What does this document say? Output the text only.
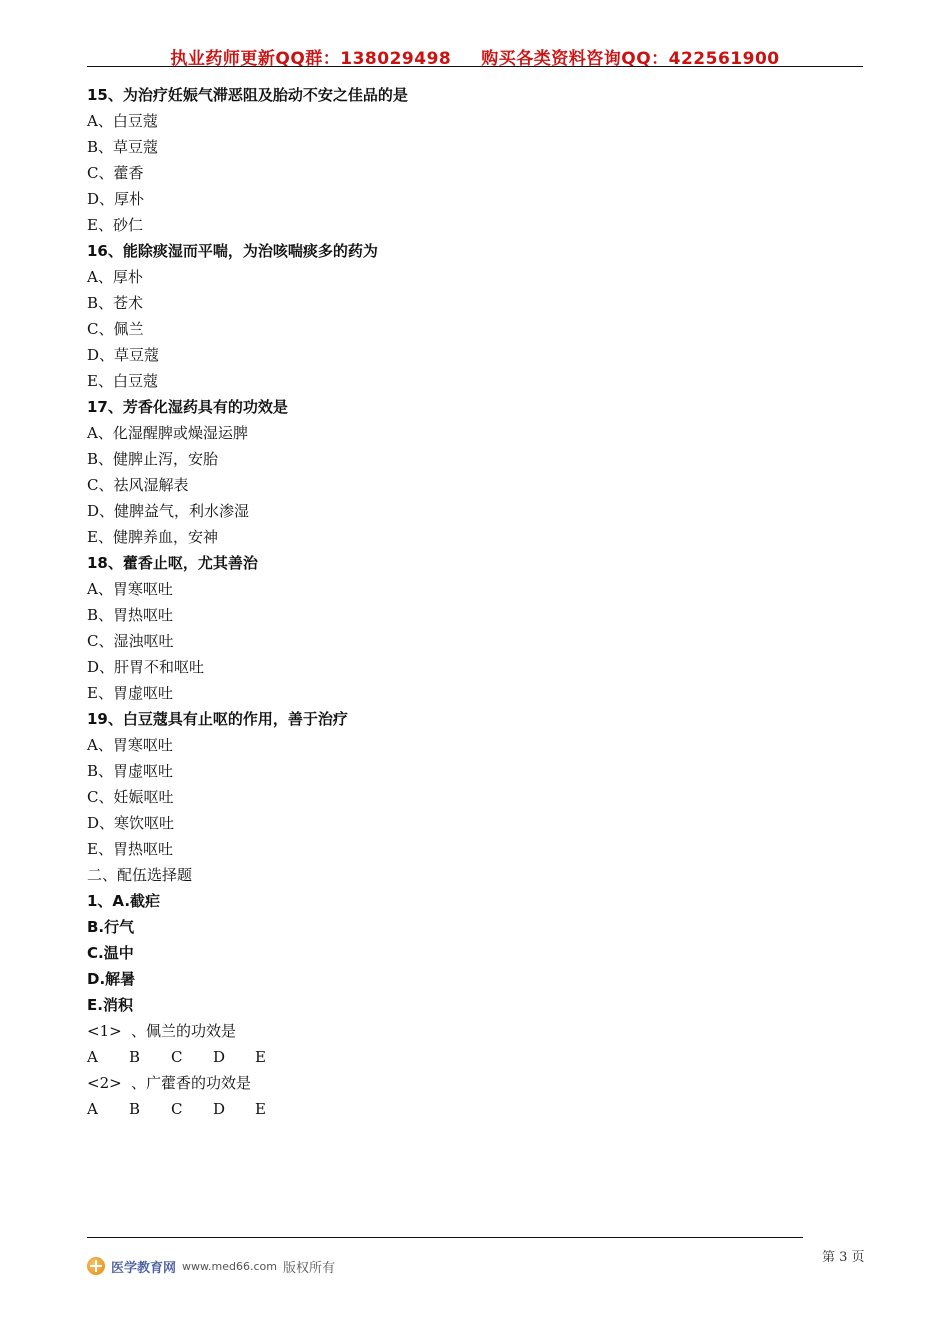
执业药师更新QQ群：138029498 购买各类资料咨询QQ：422561900
15、为治疗妊娠气滞恶阻及胎动不安之佳品的是
A、白豆蔻
B、草豆蔻
C、藿香
D、厚朴
E、砂仁
16、能除痰湿而平喘，为治咳喘痰多的药为
A、厚朴
B、苍术
C、佩兰
D、草豆蔻
E、白豆蔻
17、芳香化湿药具有的功效是
A、化湿醒脾或燥湿运脾
B、健脾止泻，安胎
C、祛风湿解表
D、健脾益气，利水渗湿
E、健脾养血，安神
18、藿香止呕，尤其善治
A、胃寒呕吐
B、胃热呕吐
C、湿浊呕吐
D、肝胃不和呕吐
E、胃虚呕吐
19、白豆蔻具有止呕的作用，善于治疗
A、胃寒呕吐
B、胃虚呕吐
C、妊娠呕吐
D、寒饮呕吐
E、胃热呕吐
二、配伍选择题
1、A.截疟
B.行气
C.温中
D.解暑
E.消积
<1> 、佩兰的功效是
A B C D E
<2> 、广藿香的功效是
A B C D E
第 3 页
医学教育网 www.med66.com 版权所有
